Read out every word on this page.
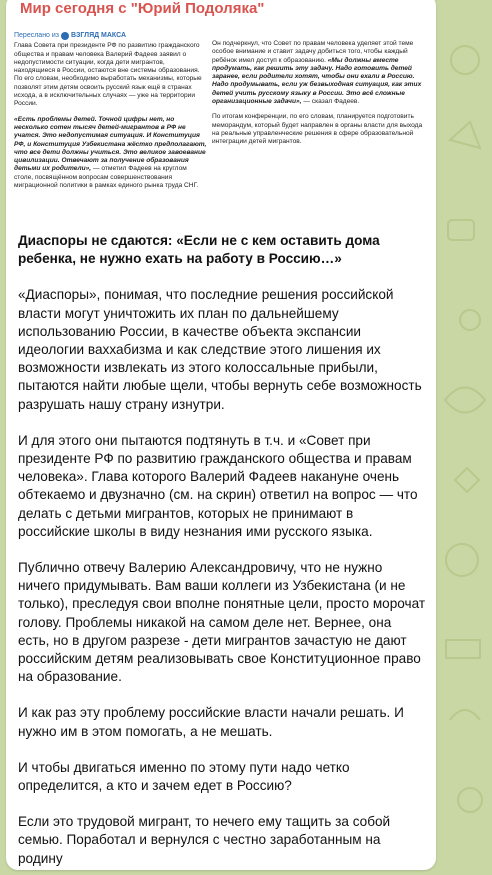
Мир сегодня с "Юрий Подоляка"
Переслано из ВЗГЛЯД МАКСА

Глава Совета при президенте РФ по развитию гражданского общества и правам человека Валерий Фадеев заявил о недопустимости ситуации, когда дети мигрантов, находящиеся в России, остаются вне системы образования. По его словам, необходимо выработать механизмы, которые позволят этим детям освоить русский язык ещё в странах исхода, а в исключительных случаях — уже на территории России.

«Есть проблемы детей. Точной цифры нет, но несколько сотен тысяч детей-мигрантов в РФ не учатся. Это недопустимая ситуация. И Конституция РФ, и Конституция Узбекистана жёстко предполагают, что все дети должны учиться. Это великое завоевание цивилизации. Отвечают за получение образования детьми их родители», — отметил Фадеев на круглом столе, посвящённом вопросам совершенствования миграционной политики в рамках единого рынка труда СНГ.

Он подчеркнул, что Совет по правам человека уделяет этой теме особое внимание и ставит задачу добиться того, чтобы каждый ребёнок имел доступ к образованию. «Мы должны вместе продумать, как решить эту задачу. Надо готовить детей заранее, если родители хотят, чтобы они ехали в Россию. Надо продумывать, если уж безвыходная ситуация, как этих детей учить русскому языку в России. Это всё сложные организационные задачи», — сказал Фадеев.

По итогам конференции, по его словам, планируется подготовить меморандум, который будет направлен в органы власти для выхода на реальные управленческие решения в сфере образовательной интеграции детей мигрантов.

Диаспоры не сдаются: «Если не с кем оставить дома ребенка, не нужно ехать на работу в Россию…»

«Диаспоры», понимая, что последние решения российской власти могут уничтожить их план по дальнейшему использованию России, в качестве объекта экспансии идеологии ваххабизма и как следствие этого лишения их возможности извлекать из этого колоссальные прибыли, пытаются найти любые щели, чтобы вернуть себе возможность разрушать нашу страну изнутри.

И для этого они пытаются подтянуть в т.ч. и «Совет при президенте РФ по развитию гражданского общества и правам человека». Глава которого Валерий Фадеев накануне очень обтекаемо и двузначно (см. на скрин) ответил на вопрос — что делать с детьми мигрантов, которых не принимают в российские школы в виду незнания ими русского языка.

Публично отвечу Валерию Александровичу, что не нужно ничего придумывать. Вам ваши коллеги из Узбекистана (и не только), преследуя свои вполне понятные цели, просто морочат голову. Проблемы никакой на самом деле нет. Вернее, она есть, но в другом разрезе - дети мигрантов зачастую не дают российским детям реализовывать свое Конституционное право на образование.

И как раз эту проблему российские власти начали решать. И нужно им в этом помогать, а не мешать.

И чтобы двигаться именно по этому пути надо четко определится, а кто и зачем едет в Россию?

Если это трудовой мигрант, то нечего ему тащить за собой семью. Поработал и вернулся с честно заработанным на родину
